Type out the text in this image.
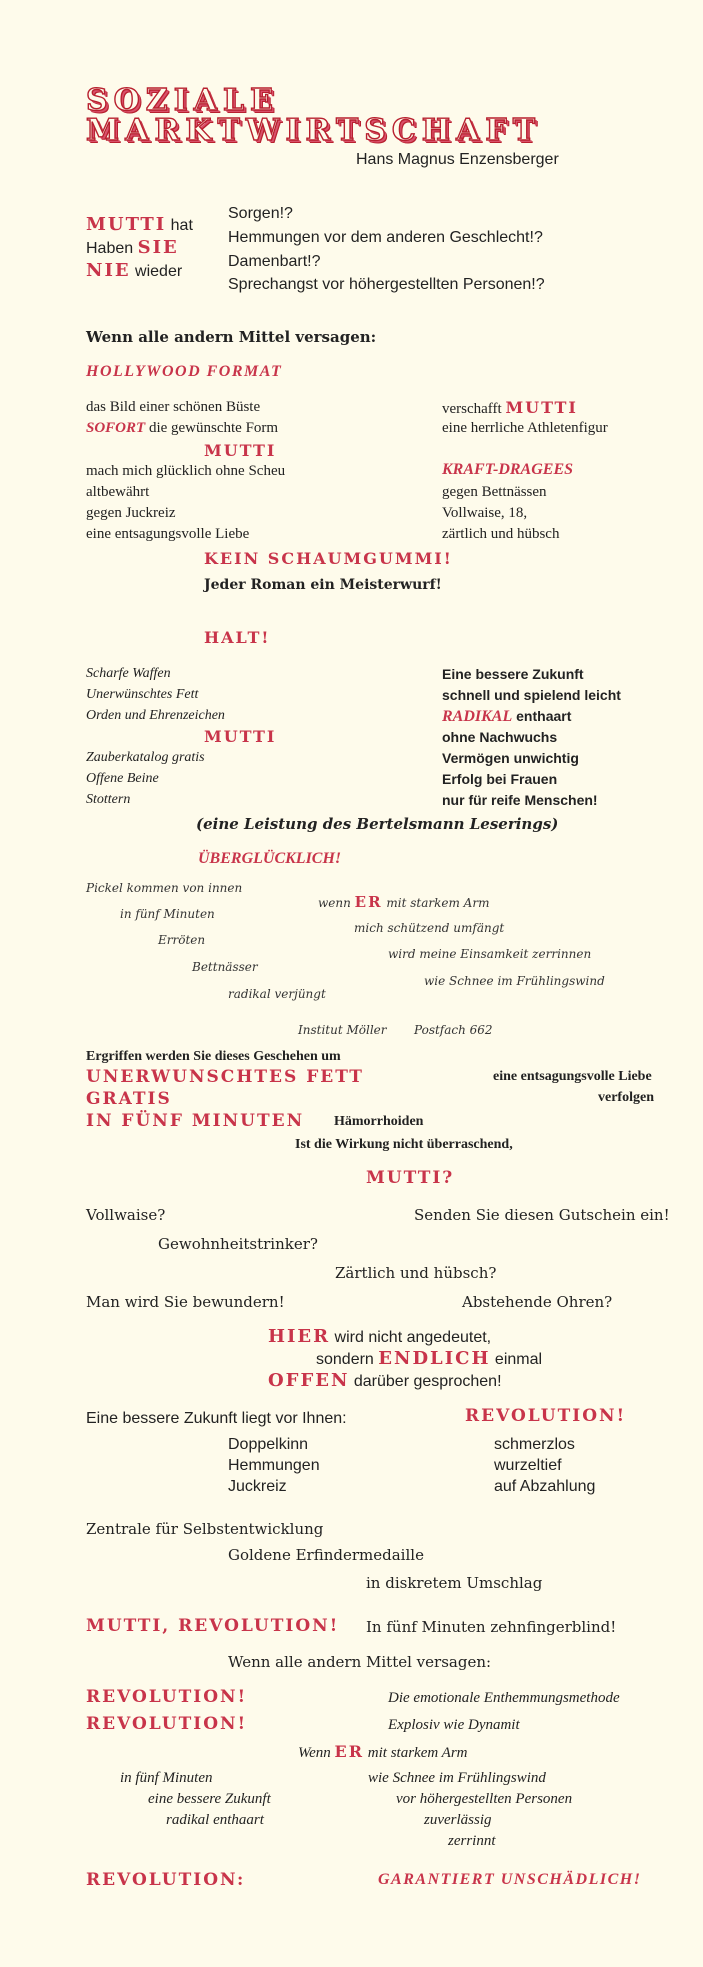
SOZIALE
MARKTWIRTSCHAFT
Hans Magnus Enzensberger
MUTTI hat
Haben SIE
NIE wieder
Sorgen!?
Hemmungen vor dem anderen Geschlecht!?
Damenbart!?
Sprechangst vor höhergestellten Personen!?
Wenn alle andern Mittel versagen:
HOLLYWOOD FORMAT
das Bild einer schönen Büste
SOFORT die gewünschte Form
MUTTI
mach mich glücklich ohne Scheu
altbewährt
gegen Juckreiz
eine entsagungsvolle Liebe
verschafft MUTTI
eine herrliche Athletenfigur
KRAFT-DRAGEES
gegen Bettnässen
Vollwaise, 18,
zärtlich und hübsch
KEIN SCHAUMGUMMI!
Jeder Roman ein Meisterwurf!
HALT!
Scharfe Waffen
Unerwünschtes Fett
Orden und Ehrenzeichen
MUTTI
Zauberkatalog gratis
Offene Beine
Stottern
Eine bessere Zukunft
schnell und spielend leicht
RADIKAL enthaart
ohne Nachwuchs
Vermögen unwichtig
Erfolg bei Frauen
nur für reife Menschen!
(eine Leistung des Bertelsmann Leserings)
ÜBERGLÜCKLICH!
Pickel kommen von innen
in fünf Minuten
Erröten
Bettnässer
radikal verjüngt
wenn ER mit starkem Arm
mich schützend umfängt
wird meine Einsamkeit zerrinnen
wie Schnee im Frühlingswind
Institut Möller Postfach 662
Ergriffen werden Sie dieses Geschehen um
UNERWUNSCHTES FETT
GRATIS
IN FÜNF MINUTEN Hämorrhoiden
eine entsagungsvolle Liebe
verfolgen
Ist die Wirkung nicht überraschend,
MUTTI?
Vollwaise?	Senden Sie diesen Gutschein ein!
Gewohnheitstrinker?
Zärtlich und hübsch?
Man wird Sie bewundern!	Abstehende Ohren?
HIER wird nicht angedeutet,
sondern ENDLICH einmal
OFFEN darüber gesprochen!
Eine bessere Zukunft liegt vor Ihnen:	REVOLUTION!
Doppelkinn
Hemmungen
Juckreiz
schmerzlos
wurzeltief
auf Abzahlung
Zentrale für Selbstentwicklung
Goldene Erfindermedaille
in diskretem Umschlag
MUTTI, REVOLUTION! In fünf Minuten zehnfingerblind!
Wenn alle andern Mittel versagen:
REVOLUTION!
REVOLUTION!
Die emotionale Enthemmungsmethode
Explosiv wie Dynamit
Wenn ER mit starkem Arm
in fünf Minuten
eine bessere Zukunft
radikal enthaart
wie Schnee im Frühlingswind
vor höhergestellten Personen
zuverlässig
zerrinnt
REVOLUTION:	GARANTIERT UNSCHÄDLICH!
